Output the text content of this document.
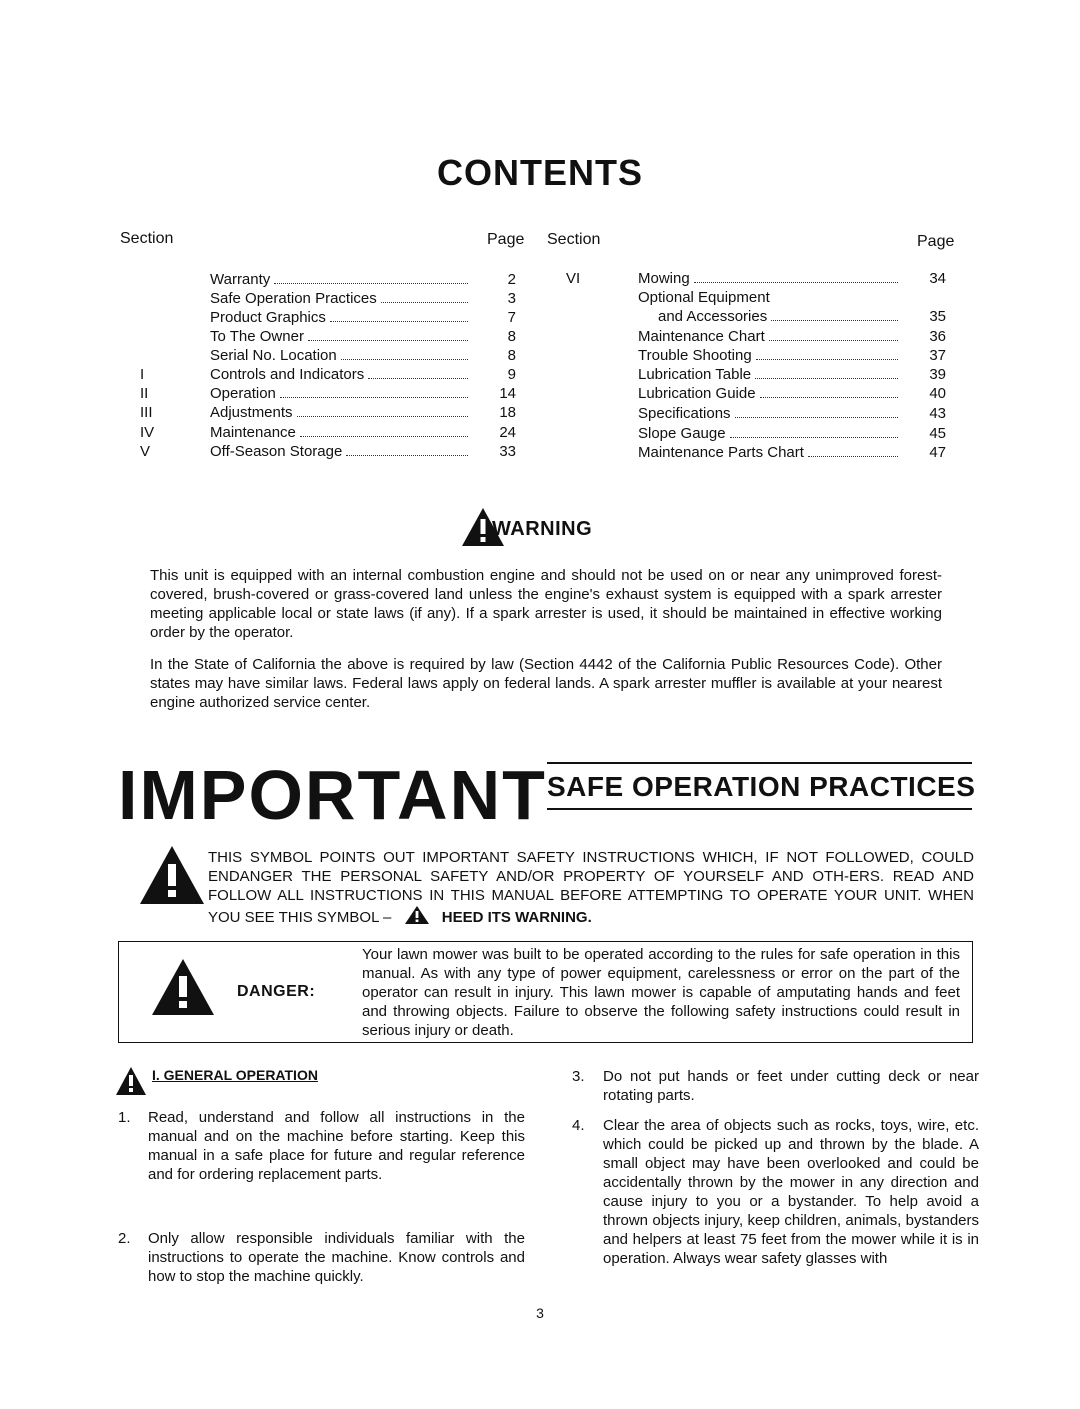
CONTENTS
Section	Page Section	Page
Warranty	2
Safe Operation Practices	3
Product Graphics	7
To The Owner	8
Serial No. Location	8
I	Controls and Indicators	9
II	Operation	14
III	Adjustments	18
IV	Maintenance	24
V	Off-Season Storage	33
VI	Mowing	34
Optional Equipment
and Accessories	35
Maintenance Chart	36
Trouble Shooting	37
Lubrication Table	39
Lubrication Guide	40
Specifications	43
Slope Gauge	45
Maintenance Parts Chart	47
WARNING
This unit is equipped with an internal combustion engine and should not be used on or near any unimproved forest-covered, brush-covered or grass-covered land unless the engine's exhaust system is equipped with a spark arrester meeting applicable local or state laws (if any). If a spark arrester is used, it should be maintained in effective working order by the operator.
In the State of California the above is required by law (Section 4442 of the California Public Resources Code). Other states may have similar laws. Federal laws apply on federal lands. A spark arrester muffler is available at your nearest engine authorized service center.
IMPORTANT SAFE OPERATION PRACTICES
THIS SYMBOL POINTS OUT IMPORTANT SAFETY INSTRUCTIONS WHICH, IF NOT FOLLOWED, COULD ENDANGER THE PERSONAL SAFETY AND/OR PROPERTY OF YOURSELF AND OTH-ERS. READ AND FOLLOW ALL INSTRUCTIONS IN THIS MANUAL BEFORE ATTEMPTING TO OPERATE YOUR UNIT. WHEN YOU SEE THIS SYMBOL –	HEED ITS WARNING.
DANGER:
Your lawn mower was built to be operated according to the rules for safe operation in this manual. As with any type of power equipment, carelessness or error on the part of the operator can result in injury. This lawn mower is capable of amputating hands and feet and throwing objects. Failure to observe the following safety instructions could result in serious injury or death.
I. GENERAL OPERATION
1. Read, understand and follow all instructions in the manual and on the machine before starting. Keep this manual in a safe place for future and regular reference and for ordering replacement parts.
2. Only allow responsible individuals familiar with the instructions to operate the machine. Know controls and how to stop the machine quickly.
3. Do not put hands or feet under cutting deck or near rotating parts.
4. Clear the area of objects such as rocks, toys, wire, etc. which could be picked up and thrown by the blade. A small object may have been overlooked and could be accidentally thrown by the mower in any direction and cause injury to you or a bystander. To help avoid a thrown objects injury, keep children, animals, bystanders and helpers at least 75 feet from the mower while it is in operation. Always wear safety glasses with
3
